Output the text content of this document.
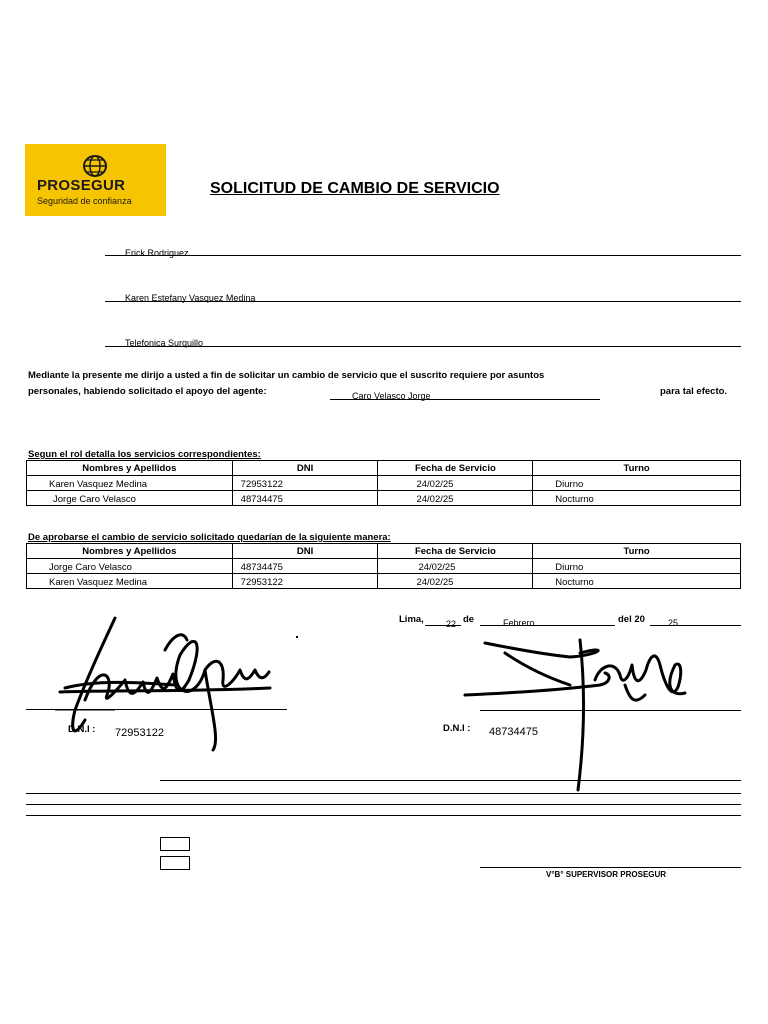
PROSEGUR
Seguridad de confianza
SOLICITUD DE CAMBIO DE SERVICIO
Erick Rodriguez
Karen Estefany Vasquez Medina
Telefonica Surquillo
Mediante la presente me dirijo a usted a fin de solicitar un cambio de servicio que el suscrito requiere por asuntos
personales, habiendo solicitado el apoyo del agente:	Caro Velasco Jorge	para tal efecto.
Segun el rol detalla los servicios correspondientes:
Nombres y Apellidos	DNI	Fecha de Servicio	Turno

Karen Vasquez Medina	72953122	24/02/25	Diurno

Jorge Caro Velasco	48734475	24/02/25	Nocturno
De aprobarse el cambio de servicio solicitado quedarían de la siguiente manera:
Nombres y Apellidos	DNI	Fecha de Servicio	Turno

Jorge Caro Velasco	48734475	24/02/25	Diurno

Karen Vasquez Medina	72953122	24/02/25	Nocturno
Lima, 22 de	Febrero	del 20	25
D.N.I : 72953122	D.N.I : 48734475
V°B° SUPERVISOR PROSEGUR
